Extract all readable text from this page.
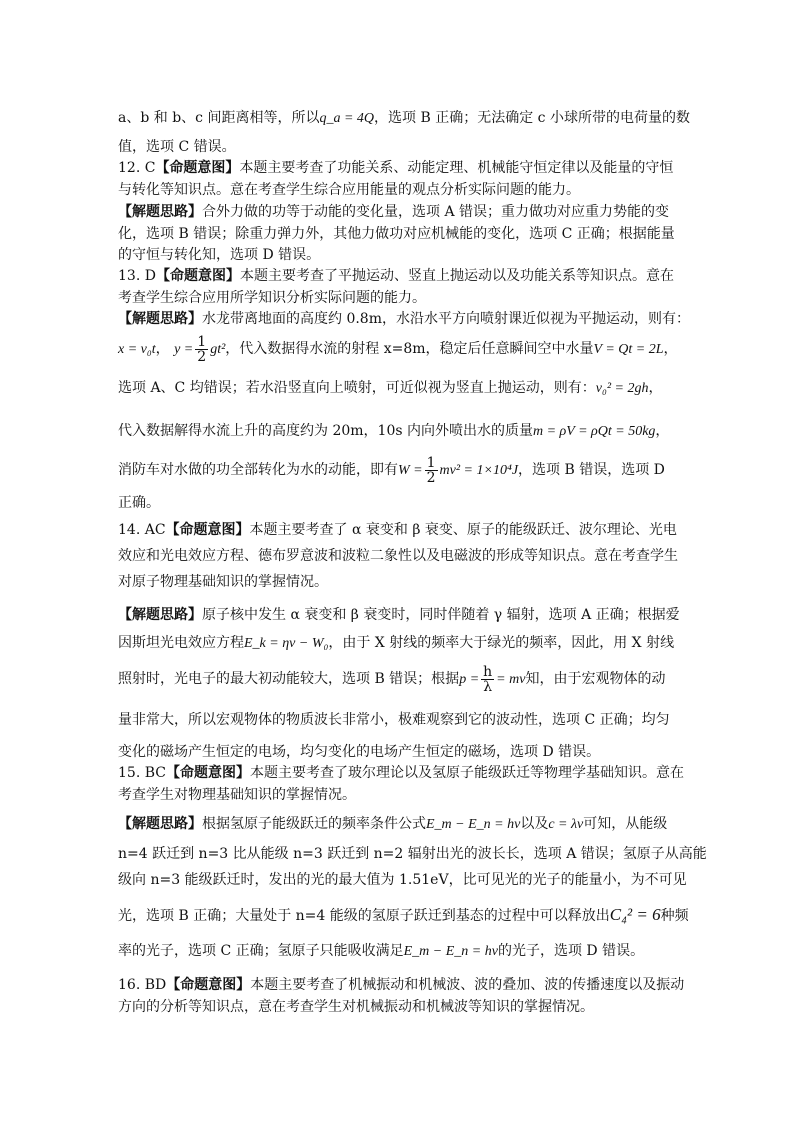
a、b 和 b、c 间距离相等，所以q_a = 4Q，选项 B 正确；无法确定 c 小球所带的电荷量的数
值，选项 C 错误。
12. C【命题意图】本题主要考查了功能关系、动能定理、机械能守恒定律以及能量的守恒
与转化等知识点。意在考查学生综合应用能量的观点分析实际问题的能力。
【解题思路】合外力做的功等于动能的变化量，选项 A 错误；重力做功对应重力势能的变
化，选项 B 错误；除重力弹力外，其他力做功对应机械能的变化，选项 C 正确；根据能量
的守恒与转化知，选项 D 错误。
13. D【命题意图】本题主要考查了平抛运动、竖直上抛运动以及功能关系等知识点。意在
考查学生综合应用所学知识分析实际问题的能力。
【解题思路】水龙带离地面的高度约 0.8m，水沿水平方向喷射课近似视为平抛运动，则有：
x = v₀t， $y = \frac{1}{2} gt^2$，代入数据得水流的射程 x=8m，稳定后任意瞬间空中水量V = Qt = 2L，
选项 A、C 均错误；若水沿竖直向上喷射，可近似视为竖直上抛运动，则有：v₀² = 2gh，
代入数据解得水流上升的高度约为 20m，10s 内向外喷出水的质量m = ρV = ρQt = 50kg，
消防车对水做的功全部转化为水的动能，即有$W = \frac{1}{2} mv^2 = 1\times 10^4J$，选项 B 错误，选项 D
正确。
14. AC【命题意图】本题主要考查了 α 衰变和 β 衰变、原子的能级跃迁、波尔理论、光电
效应和光电效应方程、德布罗意波和波粒二象性以及电磁波的形成等知识点。意在考查学生
对原子物理基础知识的掌握情况。
【解题思路】原子核中发生 α 衰变和 β 衰变时，同时伴随着 γ 辐射，选项 A 正确；根据爱
因斯坦光电效应方程E_k = ην − W₀，由于 X 射线的频率大于绿光的频率，因此，用 X 射线
照射时，光电子的最大初动能较大，选项 B 错误；根据$p = \frac{h}{\lambda}$ = mv知，由于宏观物体的动
量非常大，所以宏观物体的物质波长非常小，极难观察到它的波动性，选项 C 正确；均匀
变化的磁场产生恒定的电场，均匀变化的电场产生恒定的磁场，选项 D 错误。
15. BC【命题意图】本题主要考查了玻尔理论以及氢原子能级跃迁等物理学基础知识。意在
考查学生对物理基础知识的掌握情况。
【解题思路】根据氢原子能级跃迁的频率条件公式E_m − E_n = hν以及c = λν可知，从能级
n=4 跃迁到 n=3 比从能级 n=3 跃迁到 n=2 辐射出光的波长长，选项 A 错误；氢原子从高能
级向 n=3 能级跃迁时，发出的光的最大值为 1.51eV，比可见光的光子的能量小，为不可见
光，选项 B 正确；大量处于 n=4 能级的氢原子跃迁到基态的过程中可以释放出C₄² = 6种频
率的光子，选项 C 正确；氢原子只能吸收满足E_m − E_n = hν的光子，选项 D 错误。
16. BD【命题意图】本题主要考查了机械振动和机械波、波的叠加、波的传播速度以及振动
方向的分析等知识点，意在考查学生对机械振动和机械波等知识的掌握情况。
